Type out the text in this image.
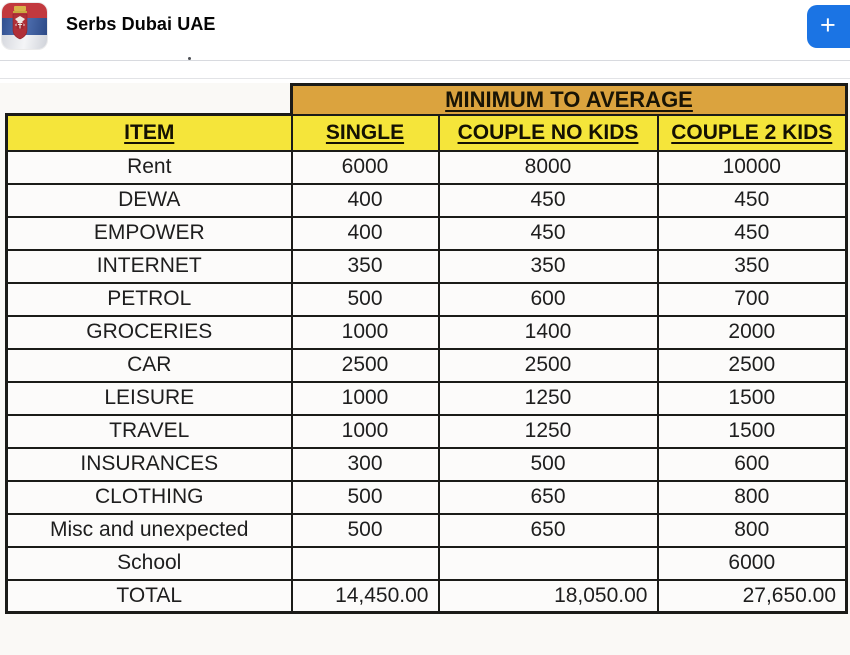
Serbs Dubai UAE	+
	MINIMUM TO AVERAGE		
ITEM	SINGLE	COUPLE NO KIDS	COUPLE 2 KIDS
Rent	6000	8000	10000
DEWA	400	450	450
EMPOWER	400	450	450
INTERNET	350	350	350
PETROL	500	600	700
GROCERIES	1000	1400	2000
CAR	2500	2500	2500
LEISURE	1000	1250	1500
TRAVEL	1000	1250	1500
INSURANCES	300	500	600
CLOTHING	500	650	800
Misc and unexpected	500	650	800
School			6000
TOTAL	14,450.00	18,050.00	27,650.00
